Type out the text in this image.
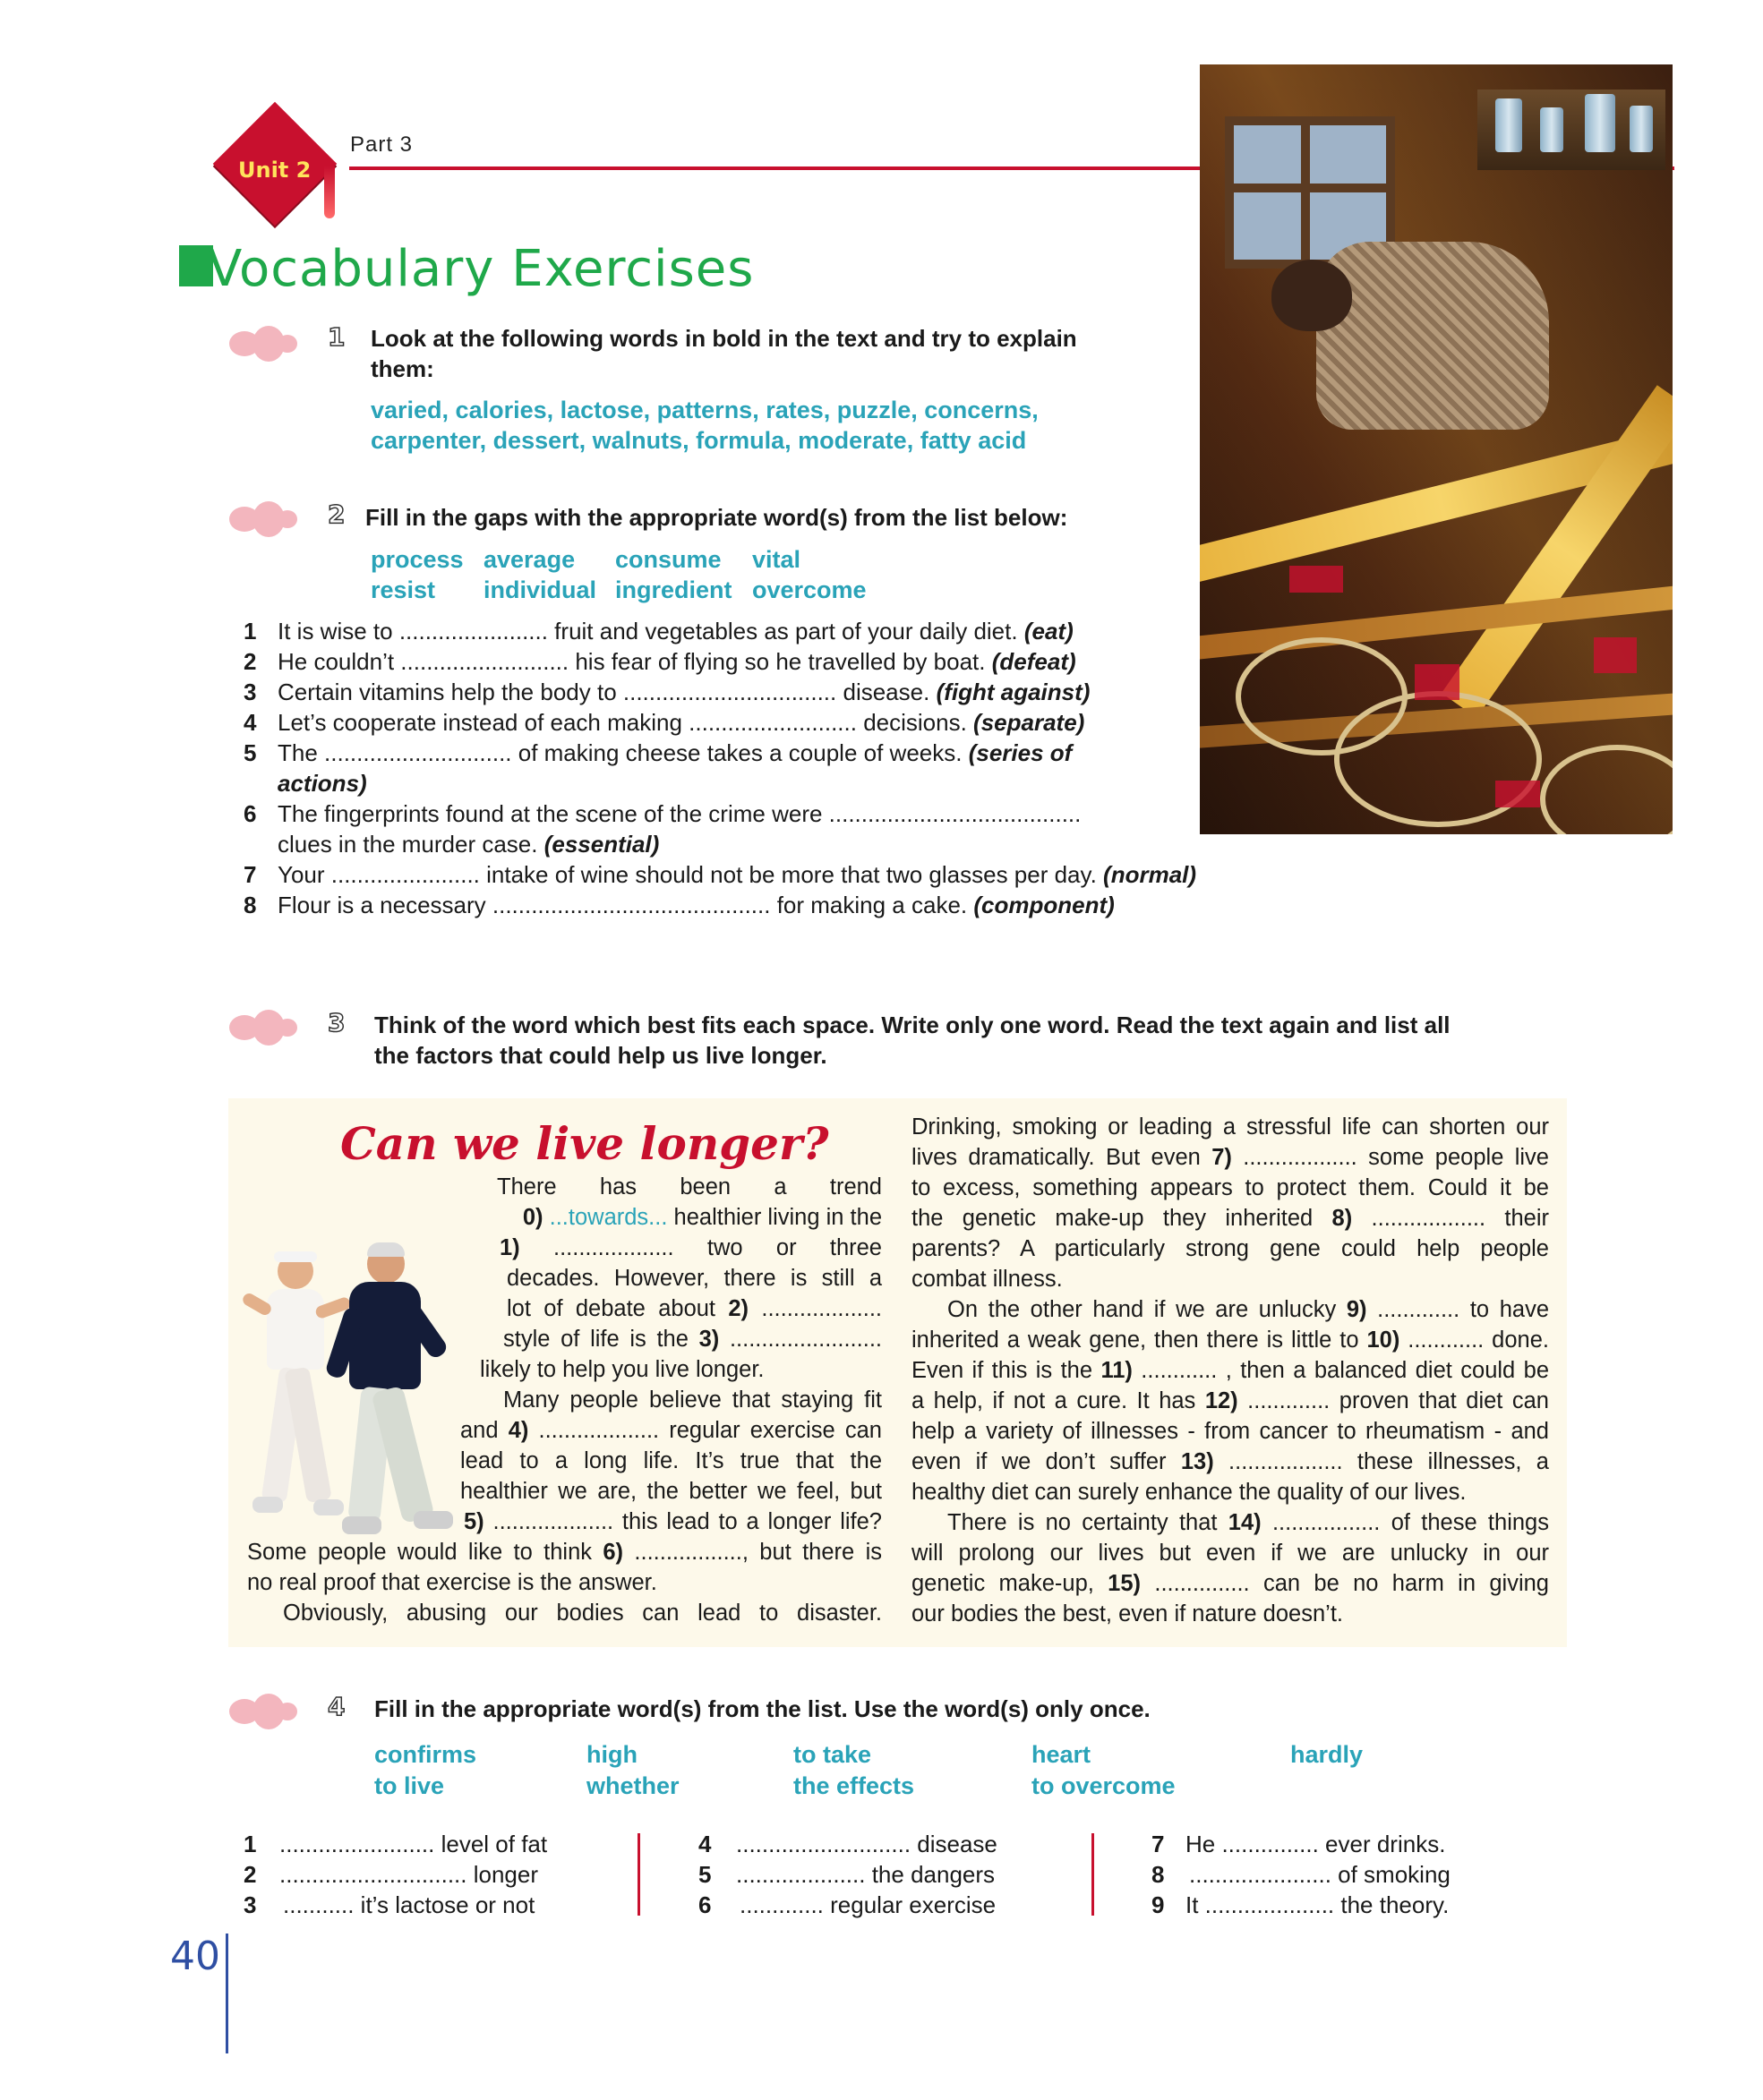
Unit 2
Part 3
Vocabulary Exercises
1 Look at the following words in bold in the text and try to explain
them:
varied, calories, lactose, patterns, rates, puzzle, concerns,
carpenter, dessert, walnuts, formula, moderate, fatty acid
2 Fill in the gaps with the appropriate word(s) from the list below:
process average consume vital
resist individual ingredient overcome
1 It is wise to ....................... fruit and vegetables as part of your daily diet. (eat)
2 He couldn’t .......................... his fear of flying so he travelled by boat. (defeat)
3 Certain vitamins help the body to ................................. disease. (fight against)
4 Let’s cooperate instead of each making .......................... decisions. (separate)
5 The ............................. of making cheese takes a couple of weeks. (series of
actions)
6 The fingerprints found at the scene of the crime were .......................................
clues in the murder case. (essential)
7 Your ....................... intake of wine should not be more that two glasses per day. (normal)
8 Flour is a necessary ........................................... for making a cake. (component)
3 Think of the word which best fits each space. Write only one word. Read the text again and list all
the factors that could help us live longer.
Can we live longer?
There has been a trend
0) ...towards... healthier living in the
1) ................... two or three
decades. However, there is still a
lot of debate about 2) ...................
style of life is the 3) ........................
likely to help you live longer.
Many people believe that staying fit
and 4) ................... regular exercise can
lead to a long life. It’s true that the
healthier we are, the better we feel, but
5) ................... this lead to a longer life?
Some people would like to think 6) ................., but there is
no real proof that exercise is the answer.
Obviously, abusing our bodies can lead to disaster.
Drinking, smoking or leading a stressful life can shorten our
lives dramatically. But even 7) .................. some people live
to excess, something appears to protect them. Could it be
the genetic make-up they inherited 8) .................. their
parents? A particularly strong gene could help people
combat illness.
On the other hand if we are unlucky 9) ............. to have
inherited a weak gene, then there is little to 10) ............ done.
Even if this is the 11) ............ , then a balanced diet could be
a help, if not a cure. It has 12) ............. proven that diet can
help a variety of illnesses - from cancer to rheumatism - and
even if we don’t suffer 13) .................. these illnesses, a
healthy diet can surely enhance the quality of our lives.
There is no certainty that 14) ................. of these things
will prolong our lives but even if we are unlucky in our
genetic make-up, 15) ............... can be no harm in giving
our bodies the best, even if nature doesn’t.
4 Fill in the appropriate word(s) from the list. Use the word(s) only once.
confirms	high	to take	heart	hardly
to live	whether	the effects	to overcome
1 ........................ level of fat
2 ............................. longer
3 ........... it’s lactose or not
4 ........................... disease
5 .................... the dangers
6 ............. regular exercise
7 He ............... ever drinks.
8 ...................... of smoking
9 It .................... the theory.
40
